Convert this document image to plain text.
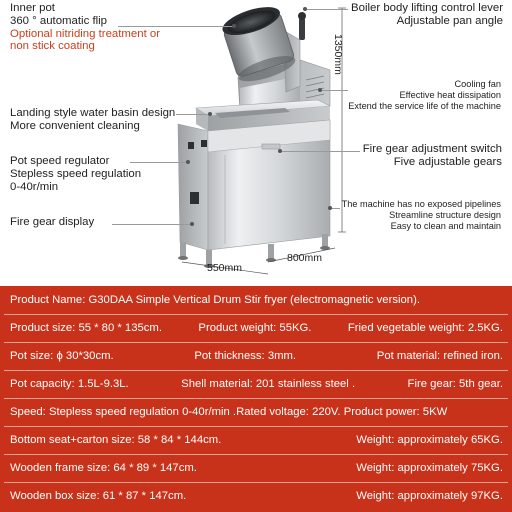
1350mm
550mm
800mm
Inner pot
360 ° automatic flip
Optional nitriding treatment or
non stick coating
Landing style water basin design
More convenient cleaning
Pot speed regulator
Stepless speed regulation
0-40r/min
Fire gear display
Boiler body lifting control lever
Adjustable pan angle
Cooling fan
Effective heat dissipation
Extend the service life of the machine
Fire gear adjustment switch
Five adjustable gears
The machine has no exposed pipelines
Streamline structure design
Easy to clean and maintain
Product Name: G30DAA Simple Vertical Drum Stir fryer (electromagnetic version).
Product size: 55 * 80 * 135cm.	Product weight: 55KG.	Fried vegetable weight: 2.5KG.
Pot size: ϕ 30*30cm.	Pot thickness: 3mm.	Pot material: refined iron.
Pot capacity: 1.5L-9.3L.	Shell material: 201 stainless steel .	Fire gear: 5th gear.
Speed: Stepless speed regulation 0-40r/min .Rated voltage: 220V. Product power: 5KW
Bottom seat+carton size: 58 * 84 * 144cm.	Weight: approximately 65KG.
Wooden frame size: 64 * 89 * 147cm.	Weight: approximately 75KG.
Wooden box size: 61 * 87 * 147cm.	Weight: approximately 97KG.
